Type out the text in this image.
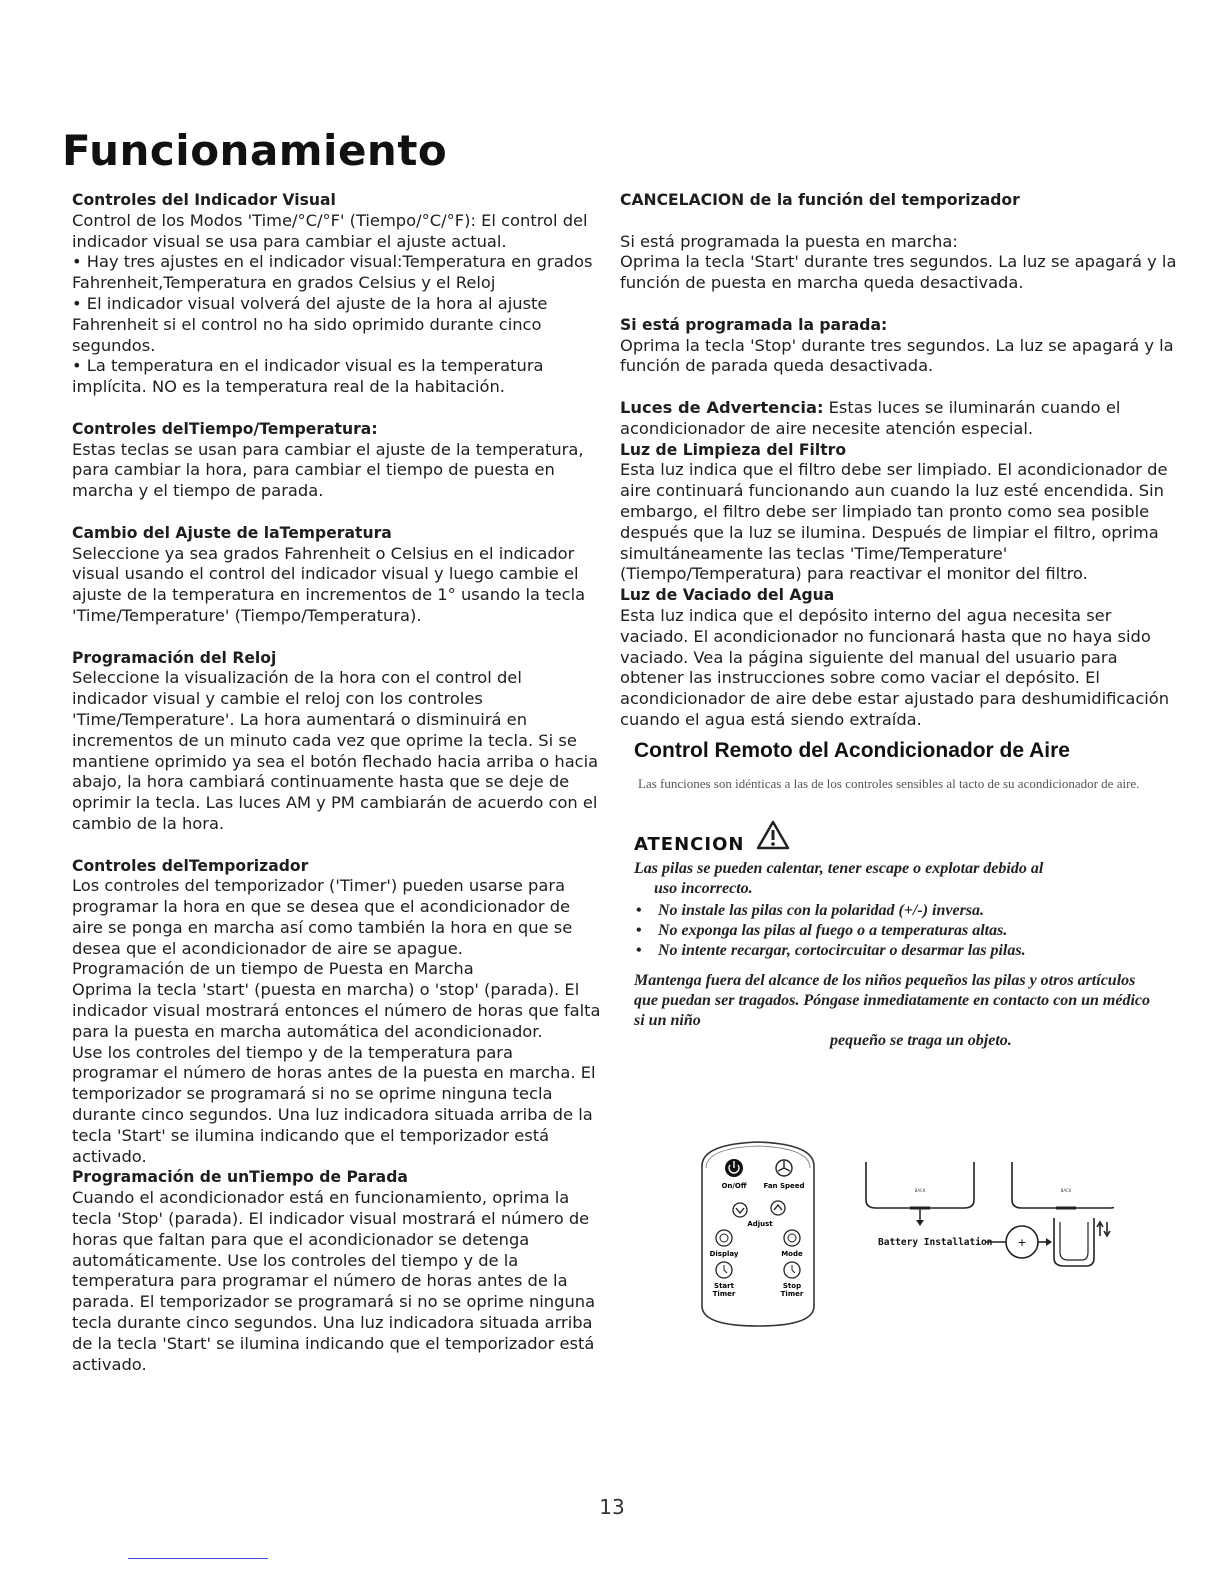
Funcionamiento
Controles del Indicador Visual

Control de los Modos 'Time/°C/°F' (Tiempo/°C/°F): El control del indicador visual se usa para cambiar el ajuste actual.

• Hay tres ajustes en el indicador visual:Temperatura en grados Fahrenheit,Temperatura en grados Celsius y el Reloj

• El indicador visual volverá del ajuste de la hora al ajuste Fahrenheit si el control no ha sido oprimido durante cinco segundos.

• La temperatura en el indicador visual es la temperatura implícita. NO es la temperatura real de la habitación.

Controles delTiempo/Temperatura:

Estas teclas se usan para cambiar el ajuste de la temperatura, para cambiar la hora, para cambiar el tiempo de puesta en marcha y el tiempo de parada.

Cambio del Ajuste de laTemperatura

Seleccione ya sea grados Fahrenheit o Celsius en el indicador visual usando el control del indicador visual y luego cambie el ajuste de la temperatura en incrementos de 1° usando la tecla 'Time/Temperature' (Tiempo/Temperatura).

Programación del Reloj

Seleccione la visualización de la hora con el control del indicador visual y cambie el reloj con los controles 'Time/Temperature'. La hora aumentará o disminuirá en incrementos de un minuto cada vez que oprime la tecla. Si se mantiene oprimido ya sea el botón flechado hacia arriba o hacia abajo, la hora cambiará continuamente hasta que se deje de oprimir la tecla. Las luces AM y PM cambiarán de acuerdo con el cambio de la hora.

Controles delTemporizador

Los controles del temporizador ('Timer') pueden usarse para programar la hora en que se desea que el acondicionador de aire se ponga en marcha así como también la hora en que se desea que el acondicionador de aire se apague.

Programación de un tiempo de Puesta en Marcha

Oprima la tecla 'start' (puesta en marcha) o 'stop' (parada). El indicador visual mostrará entonces el número de horas que falta para la puesta en marcha automática del acondicionador.

Use los controles del tiempo y de la temperatura para programar el número de horas antes de la puesta en marcha. El temporizador se programará si no se oprime ninguna tecla durante cinco segundos. Una luz indicadora situada arriba de la tecla 'Start' se ilumina indicando que el temporizador está activado.

Programación de unTiempo de Parada

Cuando el acondicionador está en funcionamiento, oprima la tecla 'Stop' (parada). El indicador visual mostrará el número de horas que faltan para que el acondicionador se detenga automáticamente. Use los controles del tiempo y de la temperatura para programar el número de horas antes de la parada. El temporizador se programará si no se oprime ninguna tecla durante cinco segundos. Una luz indicadora situada arriba de la tecla 'Start' se ilumina indicando que el temporizador está activado.

CANCELACION de la función del temporizador

Si está programada la puesta en marcha:

Oprima la tecla 'Start' durante tres segundos. La luz se apagará y la función de puesta en marcha queda desactivada.

Si está programada la parada:

Oprima la tecla 'Stop' durante tres segundos. La luz se apagará y la función de parada queda desactivada.

Luces de Advertencia: Estas luces se iluminarán cuando el acondicionador de aire necesite atención especial.

Luz de Limpieza del Filtro

Esta luz indica que el filtro debe ser limpiado. El acondicionador de aire continuará funcionando aun cuando la luz esté encendida. Sin embargo, el filtro debe ser limpiado tan pronto como sea posible después que la luz se ilumina. Después de limpiar el filtro, oprima simultáneamente las teclas 'Time/Temperature' (Tiempo/Temperatura) para reactivar el monitor del filtro.

Luz de Vaciado del Agua

Esta luz indica que el depósito interno del agua necesita ser vaciado. El acondicionador no funcionará hasta que no haya sido vaciado. Vea la página siguiente del manual del usuario para obtener las instrucciones sobre como vaciar el depósito. El acondicionador de aire debe estar ajustado para deshumidificación cuando el agua está siendo extraída.

Control Remoto del Acondicionador de Aire
Las funciones son idénticas a las de los controles sensibles al tacto de su acondicionador de aire.
ATENCION
Las pilas se pueden calentar, tener escape o explotar debido al
uso incorrecto.
• No instale las pilas con la polaridad (+/-) inversa.
• No exponga las pilas al fuego o a temperaturas altas.
• No intente recargar, cortocircuitar o desarmar las pilas.
Mantenga fuera del alcance de los niños pequeños las pilas y otros artículos que puedan ser tragados. Póngase inmediatamente en contacto con un médico si un niño
pequeño se traga un objeto.
On/Off Fan Speed
Adjust
Display	Mode
Start
Timer
Stop
Timer
BACK	BACK
Battery Installation +
13
